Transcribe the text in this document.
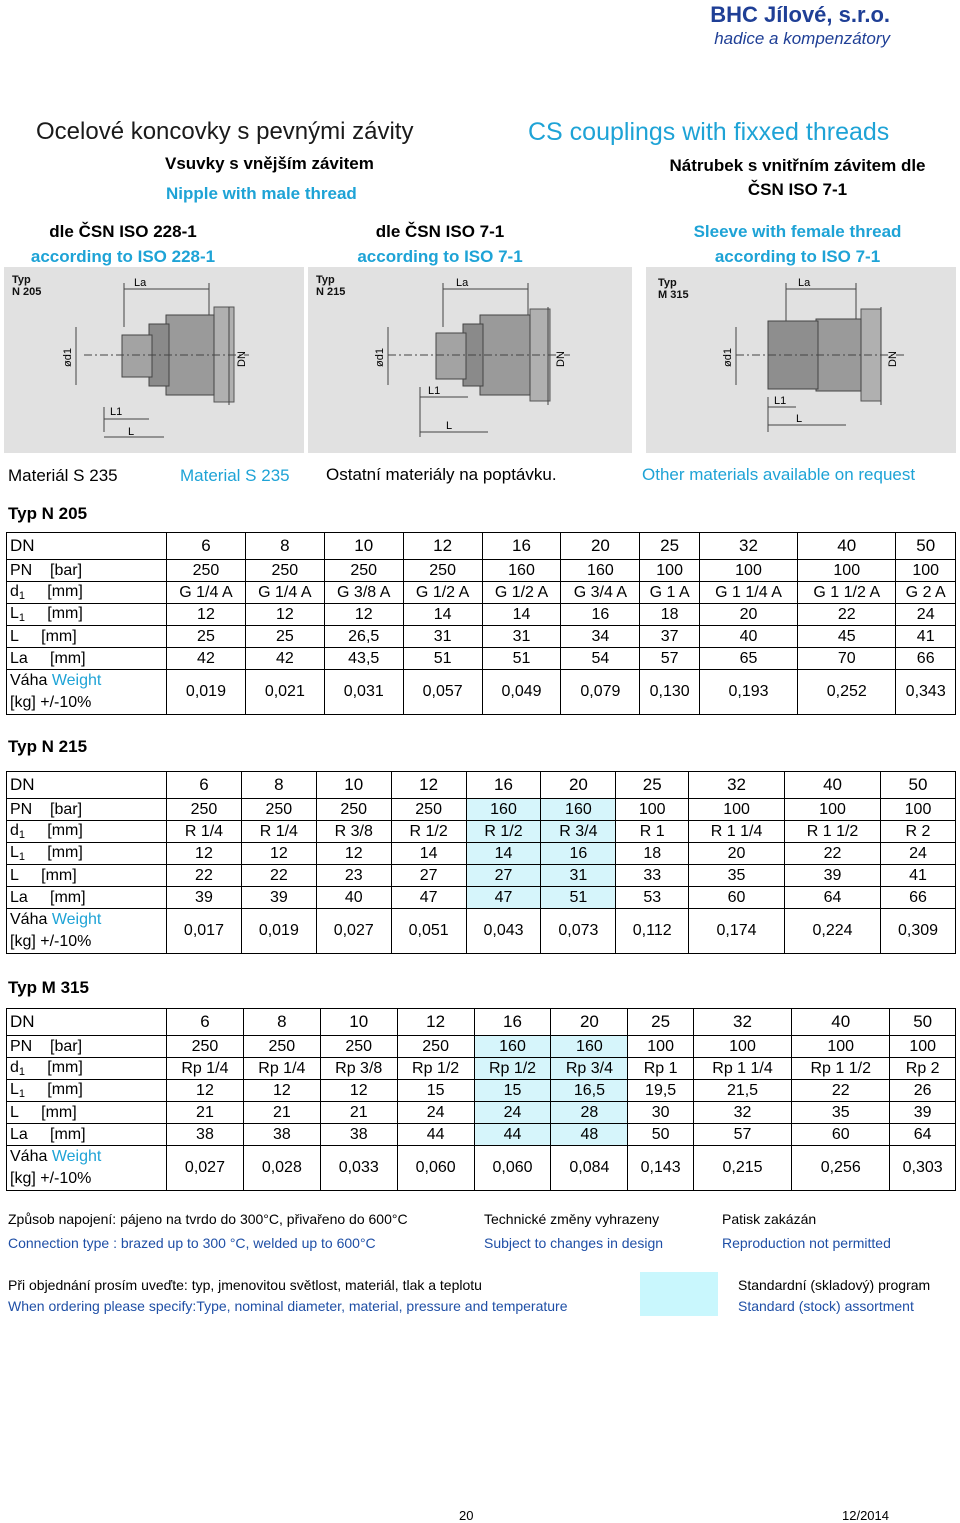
BHC Jílové, s.r.o.
hadice a kompenzátory
Ocelové koncovky s pevnými závity	CS couplings with fixxed threads
Vsuvky s vnějším závitem
Nipple with male thread
Nátrubek s vnitřním závitem dle
ČSN ISO 7-1
dle ČSN ISO 228-1
according to ISO 228-1
dle ČSN ISO 7-1
according to ISO 7-1
Sleeve with female thread
according to ISO 7-1
Typ
N 205
La
ød1	DN
L1
L
Typ
N 215
La
ød1	DN
L1
L
Typ
M 315
La
ød1	DN
L1
L
Materiál S 235	Material S 235 Ostatní materiály na poptávku.	Other materials available on request
Typ N 205
Typ N 215
Typ M 315
DN	6	8	10	12	16	20	25	32	40	50
PN [bar]	250	250	250	250	160	160	100	100	100	100
d1 [mm]	G 1/4 A	G 1/4 A	G 3/8 A	G 1/2 A	G 1/2 A	G 3/4 A	G 1 A	G 1 1/4 A	G 1 1/2 A	G 2 A
L1 [mm]	12	12	12	14	14	16	18	20	22	24
L [mm]	25	25	26,5	31	31	34	37	40	45	41
La [mm]	42	42	43,5	51	51	54	57	65	70	66

Váha Weight
[kg] +/-10%	0,019	0,021	0,031	0,057	0,049	0,079	0,130	0,193	0,252	0,343
DN	6	8	10	12	16	20	25	32	40	50
PN [bar]	250	250	250	250	160	160	100	100	100	100
d1 [mm]	R 1/4	R 1/4	R 3/8	R 1/2	R 1/2	R 3/4	R 1	R 1 1/4	R 1 1/2	R 2
L1 [mm]	12	12	12	14	14	16	18	20	22	24
L [mm]	22	22	23	27	27	31	33	35	39	41
La [mm]	39	39	40	47	47	51	53	60	64	66

Váha Weight
[kg] +/-10%	0,017	0,019	0,027	0,051	0,043	0,073	0,112	0,174	0,224	0,309
DN	6	8	10	12	16	20	25	32	40	50
PN [bar]	250	250	250	250	160	160	100	100	100	100
d1 [mm]	Rp 1/4	Rp 1/4	Rp 3/8	Rp 1/2	Rp 1/2	Rp 3/4	Rp 1	Rp 1 1/4	Rp 1 1/2	Rp 2
L1 [mm]	12	12	12	15	15	16,5	19,5	21,5	22	26
L [mm]	21	21	21	24	24	28	30	32	35	39
La [mm]	38	38	38	44	44	48	50	57	60	64

Váha Weight
[kg] +/-10%	0,027	0,028	0,033	0,060	0,060	0,084	0,143	0,215	0,256	0,303
Způsob napojení: pájeno na tvrdo do 300°C, přivařeno do 600°C
Connection type : brazed up to 300 °C, welded up to 600°C
Technické změny vyhrazeny
Subject to changes in design
Patisk zakázán
Reproduction not permitted
Při objednání prosím uveďte: typ, jmenovitou světlost, materiál, tlak a teplotu
When ordering please specify:Type, nominal diameter, material, pressure and temperature
Standardní (skladový) program
Standard (stock) assortment
20	12/2014
